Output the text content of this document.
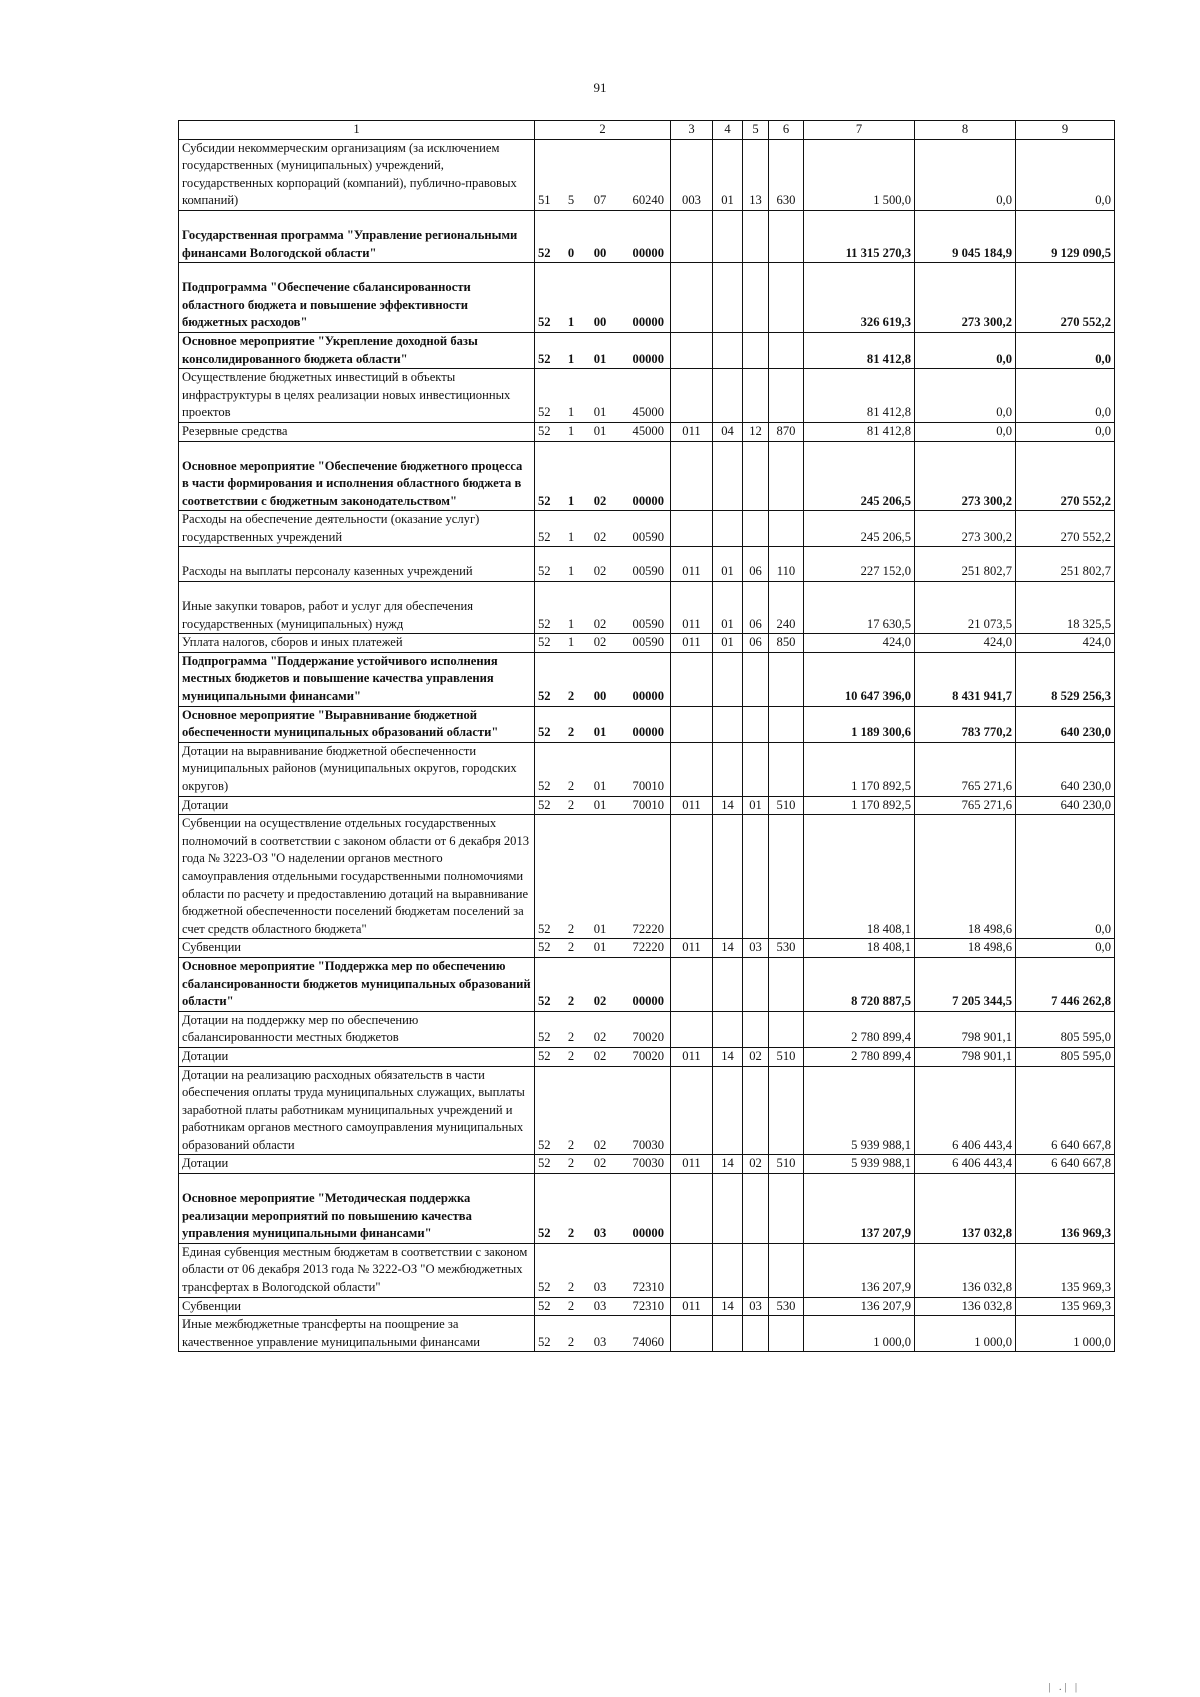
91
1	2	3	4	5	6	7	8	9
Субсидии некоммерческим организациям (за исключением государственных (муниципальных) учреждений, государственных корпораций (компаний), публично-правовых компаний)	51 5 07 60240	003	01	13	630	1 500,0	0,0	0,0
Государственная программа "Управление региональными финансами Вологодской области"	52 0 00 00000					11 315 270,3	9 045 184,9	9 129 090,5
Подпрограмма "Обеспечение сбалансированности областного бюджета и повышение эффективности бюджетных расходов"	52 1 00 00000					326 619,3	273 300,2	270 552,2
Основное мероприятие "Укрепление доходной базы консолидированного бюджета области"	52 1 01 00000					81 412,8	0,0	0,0
Осуществление бюджетных инвестиций в объекты инфраструктуры в целях реализации новых инвестиционных проектов	52 1 01 45000					81 412,8	0,0	0,0
Резервные средства	52 1 01 45000	011	04	12	870	81 412,8	0,0	0,0
Основное мероприятие "Обеспечение бюджетного процесса в части формирования и исполнения областного бюджета в соответствии с бюджетным законодательством"	52 1 02 00000					245 206,5	273 300,2	270 552,2
Расходы на обеспечение деятельности (оказание услуг) государственных учреждений	52 1 02 00590					245 206,5	273 300,2	270 552,2
Расходы на выплаты персоналу казенных учреждений	52 1 02 00590	011	01	06	110	227 152,0	251 802,7	251 802,7
Иные закупки товаров, работ и услуг для обеспечения государственных (муниципальных) нужд	52 1 02 00590	011	01	06	240	17 630,5	21 073,5	18 325,5
Уплата налогов, сборов и иных платежей	52 1 02 00590	011	01	06	850	424,0	424,0	424,0
Подпрограмма "Поддержание устойчивого исполнения местных бюджетов и повышение качества управления муниципальными финансами"	52 2 00 00000					10 647 396,0	8 431 941,7	8 529 256,3
Основное мероприятие "Выравнивание бюджетной обеспеченности муниципальных образований области"	52 2 01 00000					1 189 300,6	783 770,2	640 230,0
Дотации на выравнивание бюджетной обеспеченности муниципальных районов (муниципальных округов, городских округов)	52 2 01 70010					1 170 892,5	765 271,6	640 230,0
Дотации	52 2 01 70010	011	14	01	510	1 170 892,5	765 271,6	640 230,0
Субвенции на осуществление отдельных государственных полномочий в соответствии с законом области от 6 декабря 2013 года № 3223-ОЗ "О наделении органов местного самоуправления отдельными государственными полномочиями области по расчету и предоставлению дотаций на выравнивание бюджетной обеспеченности поселений бюджетам поселений за счет средств областного бюджета"	52 2 01 72220					18 408,1	18 498,6	0,0
Субвенции	52 2 01 72220	011	14	03	530	18 408,1	18 498,6	0,0
Основное мероприятие "Поддержка мер по обеспечению сбалансированности бюджетов муниципальных образований области"	52 2 02 00000					8 720 887,5	7 205 344,5	7 446 262,8
Дотации на поддержку мер по обеспечению сбалансированности местных бюджетов	52 2 02 70020					2 780 899,4	798 901,1	805 595,0
Дотации	52 2 02 70020	011	14	02	510	2 780 899,4	798 901,1	805 595,0
Дотации на реализацию расходных обязательств в части обеспечения оплаты труда муниципальных служащих, выплаты заработной платы работникам муниципальных учреждений и работникам органов местного самоуправления муниципальных образований области	52 2 02 70030					5 939 988,1	6 406 443,4	6 640 667,8
Дотации	52 2 02 70030	011	14	02	510	5 939 988,1	6 406 443,4	6 640 667,8
Основное мероприятие "Методическая поддержка реализации мероприятий по повышению качества управления муниципальными финансами"	52 2 03 00000					137 207,9	137 032,8	136 969,3
Единая субвенция местным бюджетам в соответствии с законом области от 06 декабря 2013 года № 3222-ОЗ "О межбюджетных трансфертах в Вологодской области"	52 2 03 72310					136 207,9	136 032,8	135 969,3
Субвенции	52 2 03 72310	011	14	03	530	136 207,9	136 032,8	135 969,3
Иные межбюджетные трансферты на поощрение за качественное управление муниципальными финансами	52 2 03 74060					1 000,0	1 000,0	1 000,0
| .| |
